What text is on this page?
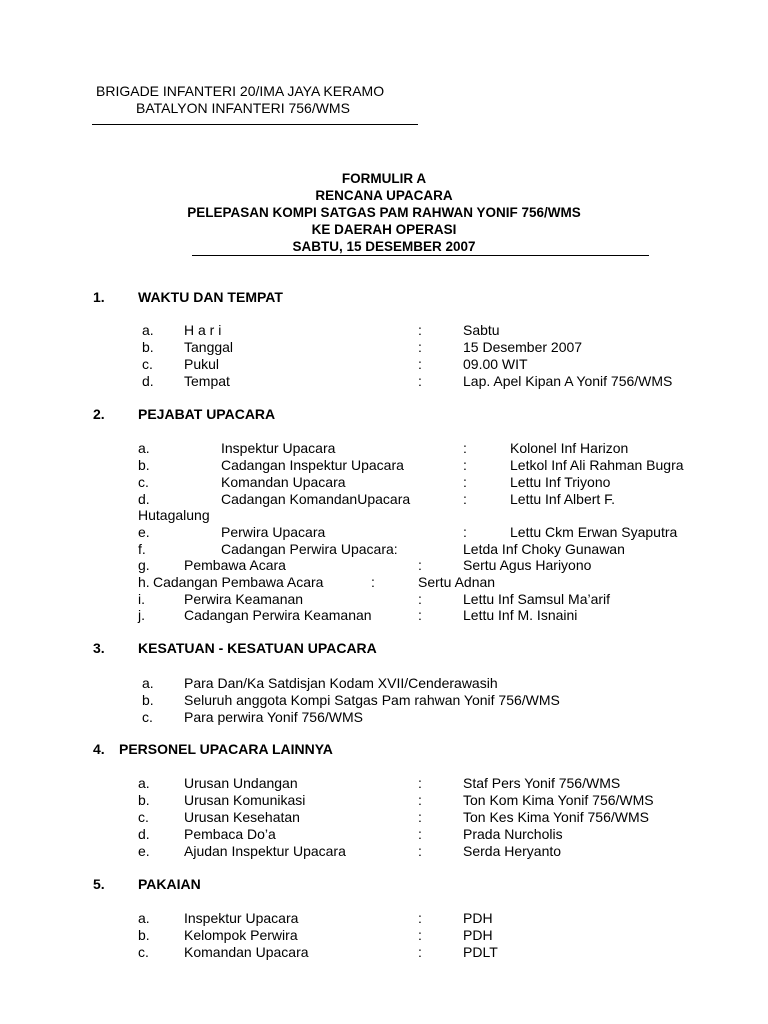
BRIGADE INFANTERI 20/IMA JAYA KERAMO
BATALYON INFANTERI 756/WMS
FORMULIR A
RENCANA UPACARA
PELEPASAN KOMPI SATGAS PAM RAHWAN YONIF 756/WMS
KE DAERAH OPERASI
SABTU, 15 DESEMBER 2007
1. WAKTU DAN TEMPAT
a. H a r i	:	Sabtu
b. Tanggal	:	15 Desember 2007
c. Pukul	:	09.00 WIT
d. Tempat	:	Lap. Apel Kipan A Yonif 756/WMS
2. PEJABAT UPACARA
a.	Inspektur Upacara	:	Kolonel Inf Harizon
b.	Cadangan Inspektur Upacara	:	Letkol Inf Ali Rahman Bugra
c.	Komandan Upacara	:	Lettu Inf Triyono
d.	Cadangan KomandanUpacara	:	Lettu Inf Albert F.
Hutagalung
e.	Perwira Upacara	:	Lettu Ckm Erwan Syaputra
f.	Cadangan Perwira Upacara:	Letda Inf Choky Gunawan
g. Pembawa Acara	:	Sertu Agus Hariyono
h. Cadangan Pembawa Acara	:	Sertu Adnan
i.	Perwira Keamanan	:	Lettu Inf Samsul Ma’arif
j.	Cadangan Perwira Keamanan	:	Lettu Inf M. Isnaini
3. KESATUAN - KESATUAN UPACARA
a. Para Dan/Ka Satdisjan Kodam XVII/Cenderawasih
b. Seluruh anggota Kompi Satgas Pam rahwan Yonif 756/WMS
c. Para perwira Yonif 756/WMS
4. PERSONEL UPACARA LAINNYA
a. Urusan Undangan	:	Staf Pers Yonif 756/WMS
b. Urusan Komunikasi	:	Ton Kom Kima Yonif 756/WMS
c.	Urusan Kesehatan	:	Ton Kes Kima Yonif 756/WMS
d. Pembaca Do’a	:	Prada Nurcholis
e. Ajudan Inspektur Upacara	:	Serda Heryanto
5. PAKAIAN
a. Inspektur Upacara	:	PDH
b. Kelompok Perwira	:	PDH
c.	Komandan Upacara	:	PDLT
